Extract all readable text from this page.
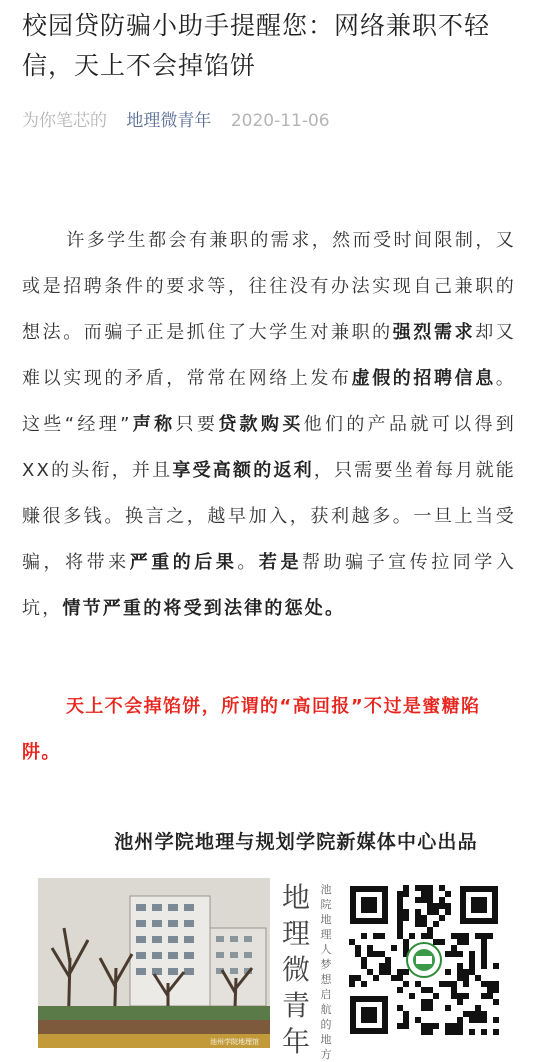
校园贷防骗小助手提醒您：网络兼职不轻信，天上不会掉馅饼
为你笔芯的 地理微青年 2020-11-06
许多学生都会有兼职的需求，然而受时间限制，又或是招聘条件的要求等，往往没有办法实现自己兼职的想法。而骗子正是抓住了大学生对兼职的强烈需求却又难以实现的矛盾，常常在网络上发布虚假的招聘信息。这些“经理”声称只要贷款购买他们的产品就可以得到XX的头衔，并且享受高额的返利，只需要坐着每月就能赚很多钱。换言之，越早加入，获利越多。一旦上当受骗，将带来严重的后果。若是帮助骗子宣传拉同学入坑，情节严重的将受到法律的惩处。
天上不会掉馅饼，所谓的“高回报”不过是蜜糖陷阱。
池州学院地理与规划学院新媒体中心出品
池州学院地理馆
地
理
微
青
年
池
院
地
理
人
梦
想
启
航
的
地
方
